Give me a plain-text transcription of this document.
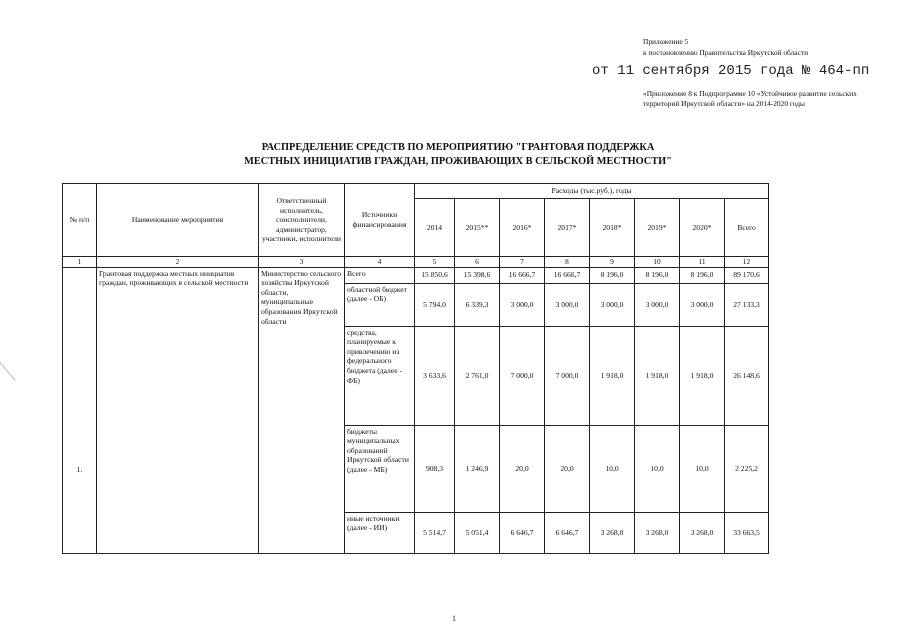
Приложение 5
к постановлению Правительства Иркутской области
от 11 сентября 2015 года № 464-пп
«Приложение 8 к Подпрограмме 10 «Устойчивое развитие сельских территорий Иркутской области» на 2014-2020 годы
РАСПРЕДЕЛЕНИЕ СРЕДСТВ ПО МЕРОПРИЯТИЮ "ГРАНТОВАЯ ПОДДЕРЖКА
МЕСТНЫХ ИНИЦИАТИВ ГРАЖДАН, ПРОЖИВАЮЩИХ В СЕЛЬСКОЙ МЕСТНОСТИ"
№ п/п	Наименование мероприятия	Ответственный исполнитель, соисполнители, администратор, участники, исполнители	Источники финансирования	Расходы (тыс.руб.), годы							
				2014	2015**	2016*	2017*	2018*	2019*	2020*	Всего
1	2	3	4	5	6	7	8	9	10	11	12
1.	Грантовая поддержка местных инициатив граждан, проживающих в сельской местности	Министерство сельского хозяйства Иркутской области, муниципальные образования Иркутской области	Всего	15 850,6	15 398,6	16 666,7	16 666,7	8 196,0	8 196,0	8 196,0	89 170,6
			областной бюджет (далее - ОБ)	5 794,0	6 339,3	3 000,0	3 000,0	3 000,0	3 000,0	3 000,0	27 133,3
			средства, планируемые к привлечению из федерального бюджета (далее - ФБ)	3 633,6	2 761,0	7 000,0	7 000,0	1 918,0	1 918,0	1 918,0	26 148,6
			бюджеты муниципальных образований Иркутской области (далее - МБ)	908,3	1 246,9	20,0	20,0	10,0	10,0	10,0	2 225,2
			иные источники (далее - ИИ)	5 514,7	5 051,4	6 646,7	6 646,7	3 268,0	3 268,0	3 268,0	33 663,5
1
